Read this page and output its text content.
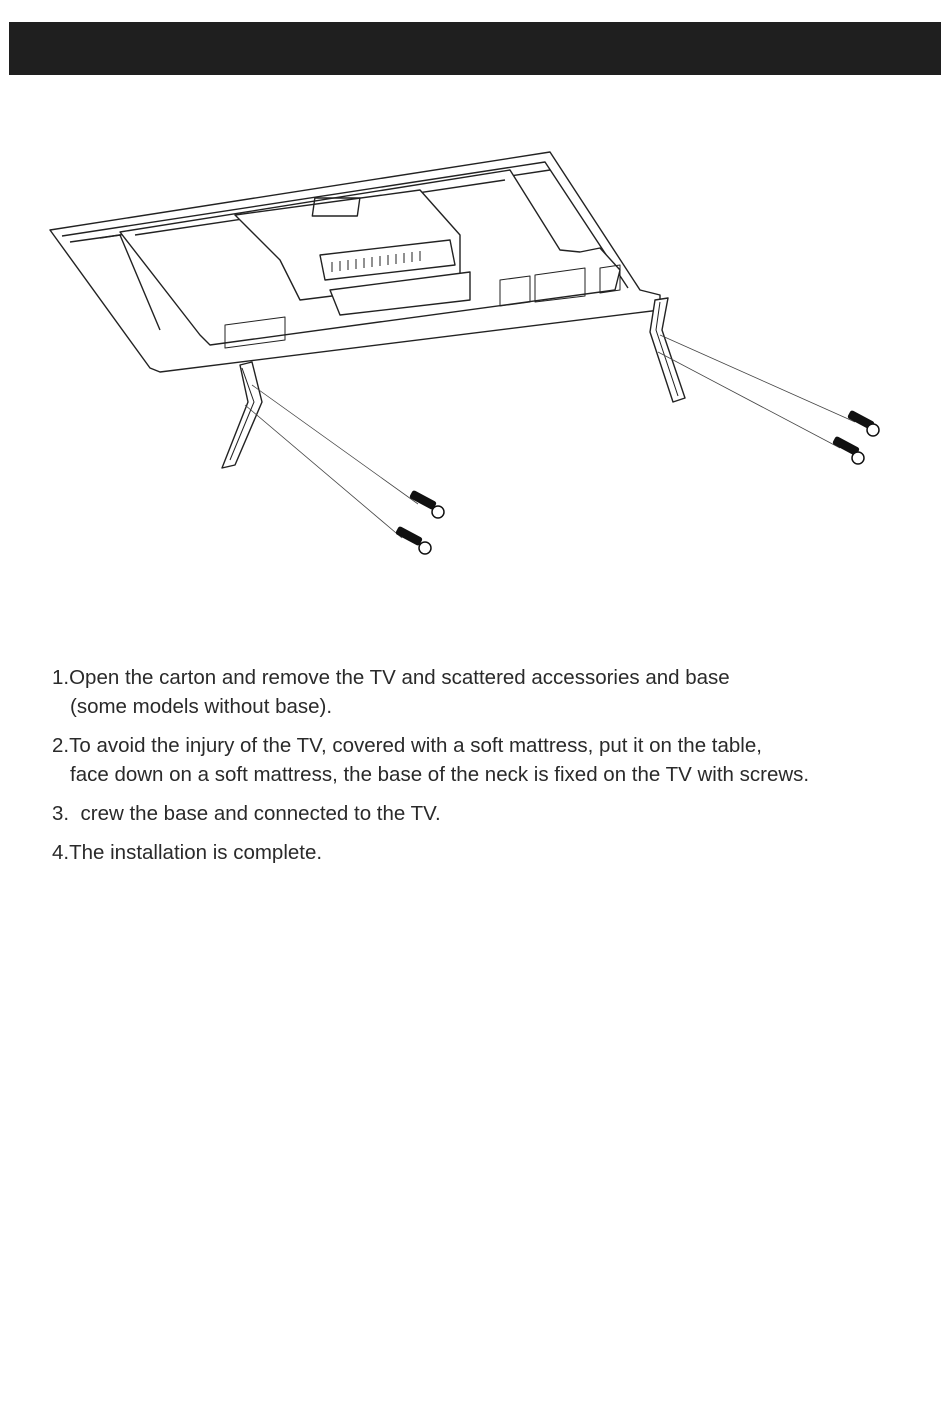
1.Open the carton and remove the TV and scattered accessories and base
(some models without base).
2.To avoid the injury of the TV, covered with a soft mattress, put it on the table,
face down on a soft mattress, the base of the neck is fixed on the TV with screws.
3.  crew the base and connected to the TV.
4.The installation is complete.
